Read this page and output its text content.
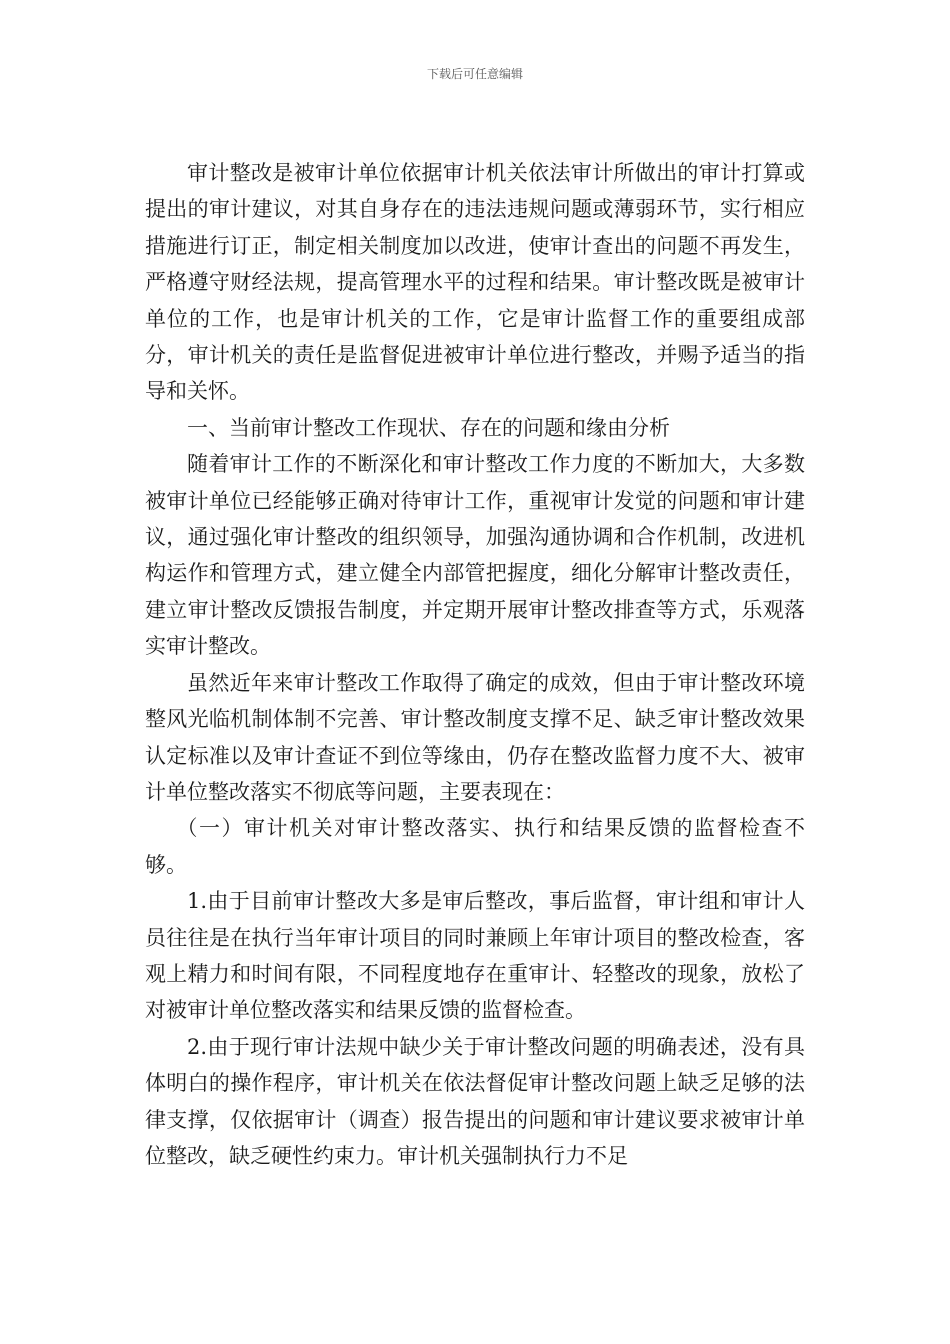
下载后可任意编辑

审计整改是被审计单位依据审计机关依法审计所做出的审计打算或提出的审计建议，对其自身存在的违法违规问题或薄弱环节，实行相应措施进行订正，制定相关制度加以改进，使审计查出的问题不再发生，严格遵守财经法规，提高管理水平的过程和结果。审计整改既是被审计单位的工作，也是审计机关的工作，它是审计监督工作的重要组成部分，审计机关的责任是监督促进被审计单位进行整改，并赐予适当的指导和关怀。

一、当前审计整改工作现状、存在的问题和缘由分析

随着审计工作的不断深化和审计整改工作力度的不断加大，大多数被审计单位已经能够正确对待审计工作，重视审计发觉的问题和审计建议，通过强化审计整改的组织领导，加强沟通协调和合作机制，改进机构运作和管理方式，建立健全内部管把握度，细化分解审计整改责任，建立审计整改反馈报告制度，并定期开展审计整改排查等方式，乐观落实审计整改。

虽然近年来审计整改工作取得了确定的成效，但由于审计整改环境整风光临机制体制不完善、审计整改制度支撑不足、缺乏审计整改效果认定标准以及审计查证不到位等缘由，仍存在整改监督力度不大、被审计单位整改落实不彻底等问题，主要表现在：

（一）审计机关对审计整改落实、执行和结果反馈的监督检查不够。

1.由于目前审计整改大多是审后整改，事后监督，审计组和审计人员往往是在执行当年审计项目的同时兼顾上年审计项目的整改检查，客观上精力和时间有限，不同程度地存在重审计、轻整改的现象，放松了对被审计单位整改落实和结果反馈的监督检查。

2.由于现行审计法规中缺少关于审计整改问题的明确表述，没有具体明白的操作程序，审计机关在依法督促审计整改问题上缺乏足够的法律支撑，仅依据审计（调查）报告提出的问题和审计建议要求被审计单位整改，缺乏硬性约束力。审计机关强制执行力不足
